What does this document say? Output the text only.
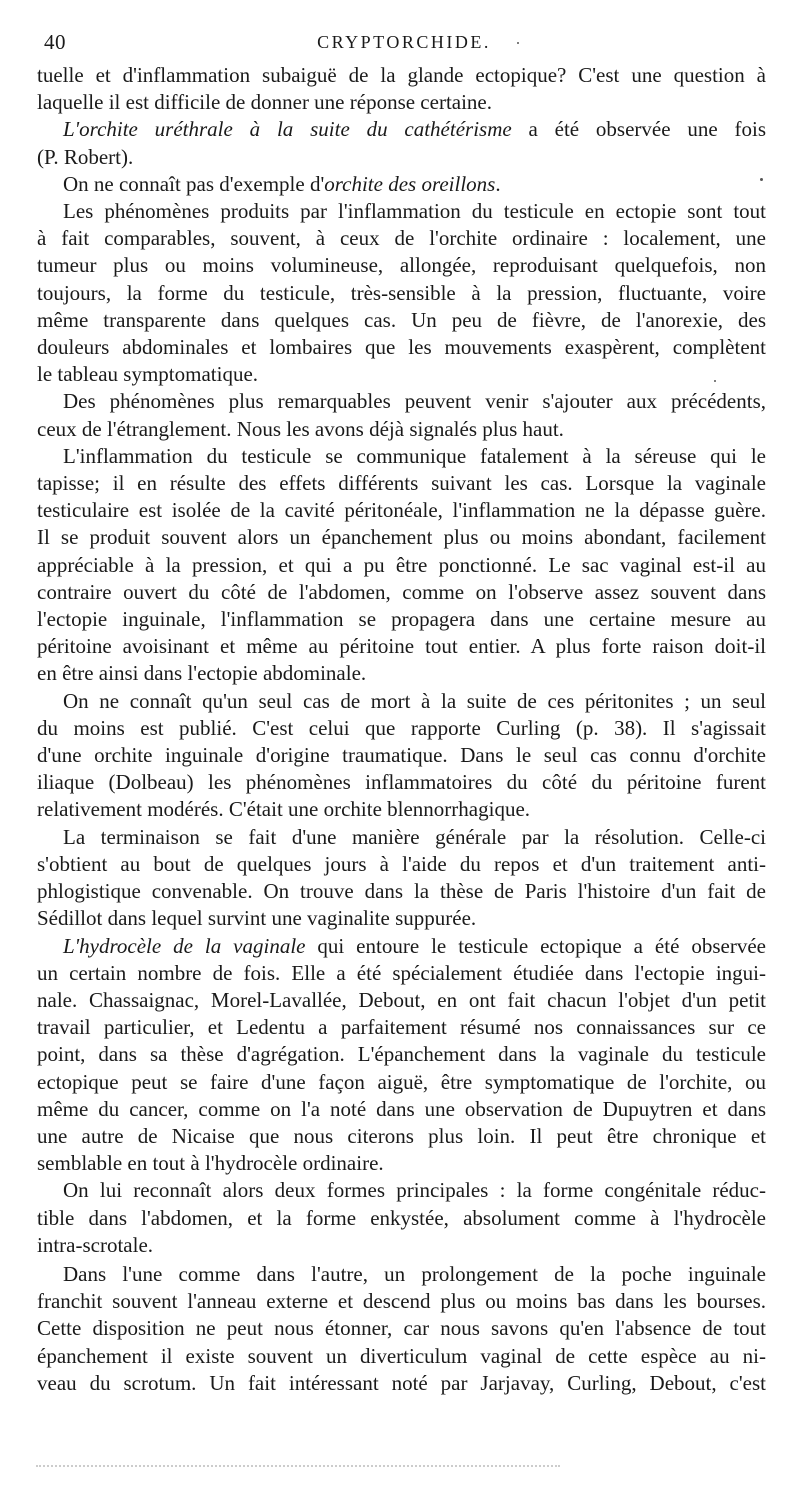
40	CRYPTORCHIDE.

tuelle et d'inflammation subaiguë de la glande ectopique? C'est une question à
laquelle il est difficile de donner une réponse certaine.

L'orchite uréthrale à la suite du cathétérisme a été observée une fois
(P. Robert).

On ne connaît pas d'exemple d'orchite des oreillons.

Les phénomènes produits par l'inflammation du testicule en ectopie sont tout
à fait comparables, souvent, à ceux de l'orchite ordinaire : localement, une
tumeur plus ou moins volumineuse, allongée, reproduisant quelquefois, non
toujours, la forme du testicule, très-sensible à la pression, fluctuante, voire
même transparente dans quelques cas. Un peu de fièvre, de l'anorexie, des
douleurs abdominales et lombaires que les mouvements exaspèrent, complètent
le tableau symptomatique.

Des phénomènes plus remarquables peuvent venir s'ajouter aux précédents,
ceux de l'étranglement. Nous les avons déjà signalés plus haut.

L'inflammation du testicule se communique fatalement à la séreuse qui le
tapisse; il en résulte des effets différents suivant les cas. Lorsque la vaginale
testiculaire est isolée de la cavité péritonéale, l'inflammation ne la dépasse guère.
Il se produit souvent alors un épanchement plus ou moins abondant, facilement
appréciable à la pression, et qui a pu être ponctionné. Le sac vaginal est-il au
contraire ouvert du côté de l'abdomen, comme on l'observe assez souvent dans
l'ectopie inguinale, l'inflammation se propagera dans une certaine mesure au
péritoine avoisinant et même au péritoine tout entier. A plus forte raison doit-il
en être ainsi dans l'ectopie abdominale.

On ne connaît qu'un seul cas de mort à la suite de ces péritonites ; un seul
du moins est publié. C'est celui que rapporte Curling (p. 38). Il s'agissait
d'une orchite inguinale d'origine traumatique. Dans le seul cas connu d'orchite
iliaque (Dolbeau) les phénomènes inflammatoires du côté du péritoine furent
relativement modérés. C'était une orchite blennorrhagique.

La terminaison se fait d'une manière générale par la résolution. Celle-ci
s'obtient au bout de quelques jours à l'aide du repos et d'un traitement anti-
phlogistique convenable. On trouve dans la thèse de Paris l'histoire d'un fait de
Sédillot dans lequel survint une vaginalite suppurée.

L'hydrocèle de la vaginale qui entoure le testicule ectopique a été observée
un certain nombre de fois. Elle a été spécialement étudiée dans l'ectopie ingui-
nale. Chassaignac, Morel-Lavallée, Debout, en ont fait chacun l'objet d'un petit
travail particulier, et Ledentu a parfaitement résumé nos connaissances sur ce
point, dans sa thèse d'agrégation. L'épanchement dans la vaginale du testicule
ectopique peut se faire d'une façon aiguë, être symptomatique de l'orchite, ou
même du cancer, comme on l'a noté dans une observation de Dupuytren et dans
une autre de Nicaise que nous citerons plus loin. Il peut être chronique et
semblable en tout à l'hydrocèle ordinaire.

On lui reconnaît alors deux formes principales : la forme congénitale réduc-
tible dans l'abdomen, et la forme enkystée, absolument comme à l'hydrocèle
intra-scrotale.

Dans l'une comme dans l'autre, un prolongement de la poche inguinale
franchit souvent l'anneau externe et descend plus ou moins bas dans les bourses.
Cette disposition ne peut nous étonner, car nous savons qu'en l'absence de tout
épanchement il existe souvent un diverticulum vaginal de cette espèce au ni-
veau du scrotum. Un fait intéressant noté par Jarjavay, Curling, Debout, c'est
